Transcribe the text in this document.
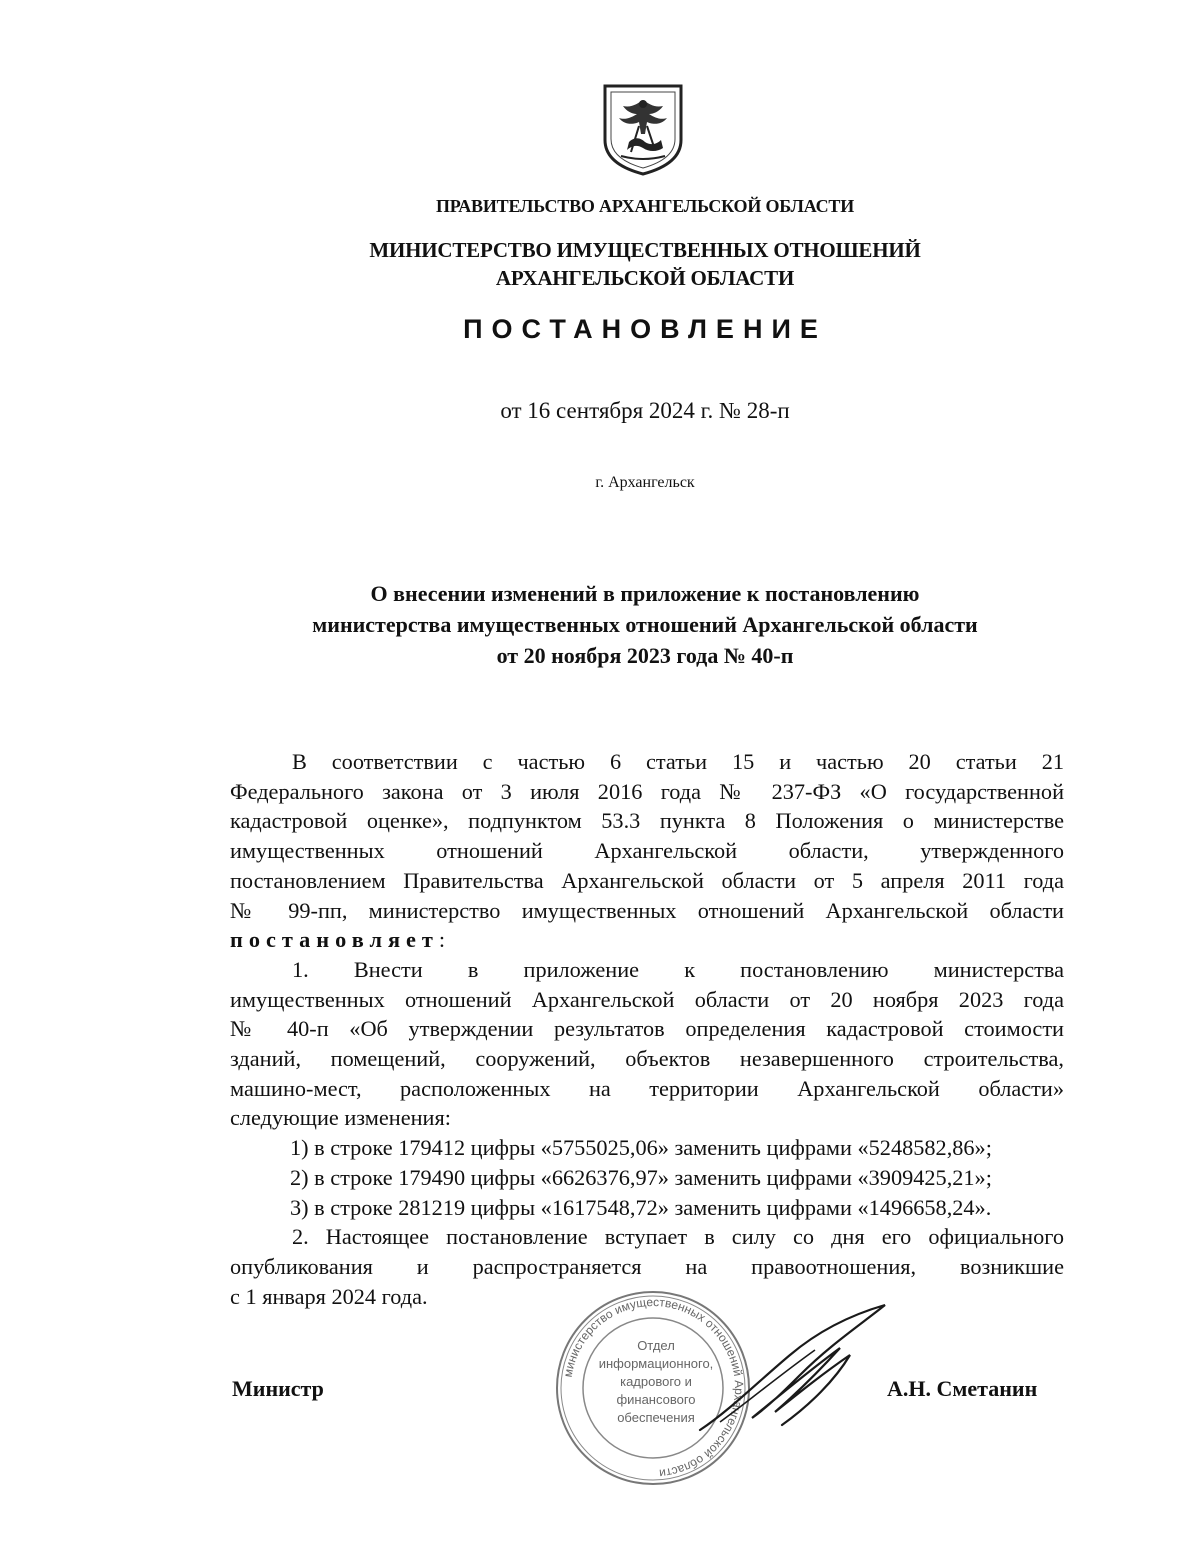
ПРАВИТЕЛЬСТВО АРХАНГЕЛЬСКОЙ ОБЛАСТИ
МИНИСТЕРСТВО ИМУЩЕСТВЕННЫХ ОТНОШЕНИЙ
АРХАНГЕЛЬСКОЙ ОБЛАСТИ
ПОСТАНОВЛЕНИЕ
от 16 сентября 2024 г. № 28-п
г. Архангельск
О внесении изменений в приложение к постановлению
министерства имущественных отношений Архангельской области
от 20 ноября 2023 года № 40-п
В соответствии с частью 6 статьи 15 и частью 20 статьи 21
Федерального закона от 3 июля 2016 года № 237-ФЗ «О государственной
кадастровой оценке», подпунктом 53.3 пункта 8 Положения о министерстве
имущественных отношений Архангельской области, утвержденного
постановлением Правительства Архангельской области от 5 апреля 2011 года
№ 99-пп, министерство имущественных отношений Архангельской области
постановляет:
1. Внести в приложение к постановлению министерства
имущественных отношений Архангельской области от 20 ноября 2023 года
№ 40-п «Об утверждении результатов определения кадастровой стоимости
зданий, помещений, сооружений, объектов незавершенного строительства,
машино-мест, расположенных на территории Архангельской области»
следующие изменения:
1) в строке 179412 цифры «5755025,06» заменить цифрами «5248582,86»;
2) в строке 179490 цифры «6626376,97» заменить цифрами «3909425,21»;
3) в строке 281219 цифры «1617548,72» заменить цифрами «1496658,24».
2. Настоящее постановление вступает в силу со дня его официального
опубликования и распространяется на правоотношения, возникшие
с 1 января 2024 года.
министерство имущественных отношений Архангельской области
Отдел
информационного,
кадрового и
финансового
обеспечения
Министр	А.Н. Сметанин
